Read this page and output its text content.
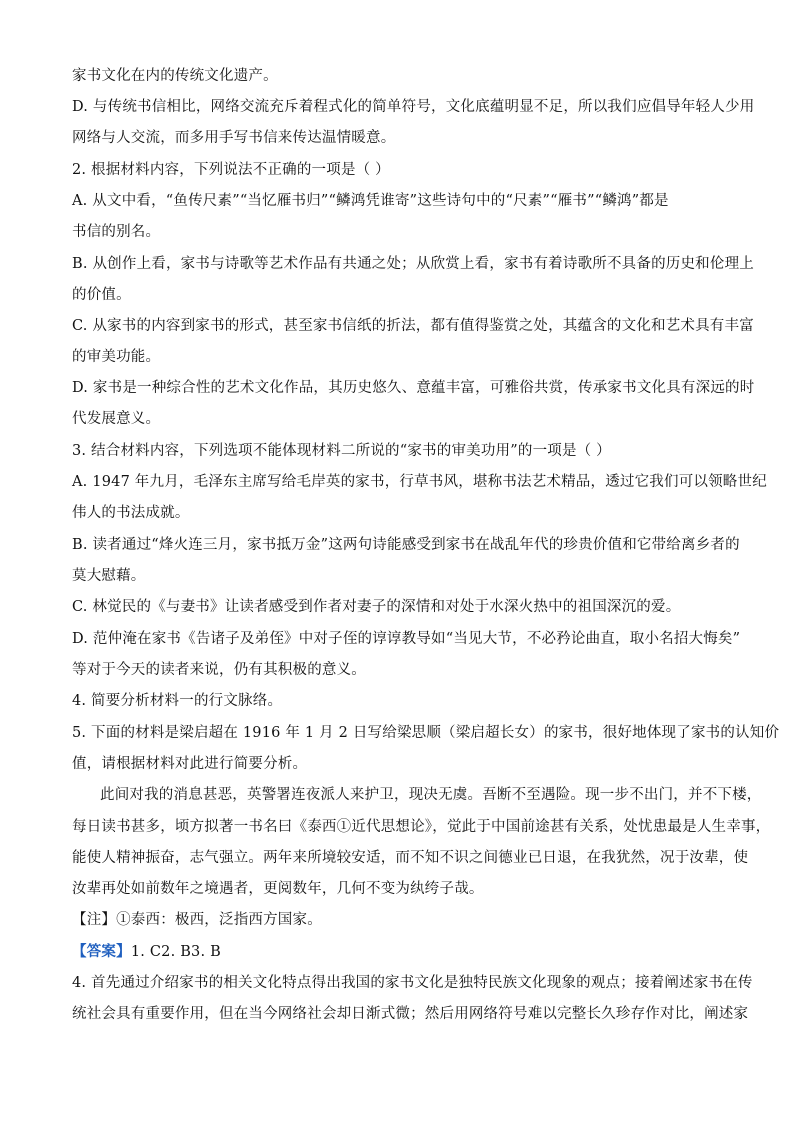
家书文化在内的传统文化遗产。
D. 与传统书信相比，网络交流充斥着程式化的简单符号，文化底蕴明显不足，所以我们应倡导年轻人少用
网络与人交流，而多用手写书信来传达温情暖意。
2. 根据材料内容，下列说法不正确的一项是（ ）
A. 从文中看，“鱼传尺素”“当忆雁书归”“鳞鸿凭谁寄”这些诗句中的“尺素”“雁书”“鳞鸿”都是
书信的别名。
B. 从创作上看，家书与诗歌等艺术作品有共通之处；从欣赏上看，家书有着诗歌所不具备的历史和伦理上
的价值。
C. 从家书的内容到家书的形式，甚至家书信纸的折法，都有值得鉴赏之处，其蕴含的文化和艺术具有丰富
的审美功能。
D. 家书是一种综合性的艺术文化作品，其历史悠久、意蕴丰富，可雅俗共赏，传承家书文化具有深远的时
代发展意义。
3. 结合材料内容，下列选项不能体现材料二所说的“家书的审美功用”的一项是（ ）
A. 1947 年九月，毛泽东主席写给毛岸英的家书，行草书风，堪称书法艺术精品，透过它我们可以领略世纪
伟人的书法成就。
B. 读者通过“烽火连三月，家书抵万金”这两句诗能感受到家书在战乱年代的珍贵价值和它带给离乡者的
莫大慰藉。
C. 林觉民的《与妻书》让读者感受到作者对妻子的深情和对处于水深火热中的祖国深沉的爱。
D. 范仲淹在家书《告诸子及弟侄》中对子侄的谆谆教导如“当见大节，不必矜论曲直，取小名招大悔矣”
等对于今天的读者来说，仍有其积极的意义。
4. 简要分析材料一的行文脉络。
5. 下面的材料是梁启超在 1916 年 1 月 2 日写给梁思顺（梁启超长女）的家书，很好地体现了家书的认知价
值，请根据材料对此进行简要分析。
此间对我的消息甚恶，英警署连夜派人来护卫，现决无虞。吾断不至遇险。现一步不出门，并不下楼，
每日读书甚多，顷方拟著一书名曰《泰西①近代思想论》，觉此于中国前途甚有关系，处忧患最是人生幸事，
能使人精神振奋，志气强立。两年来所境较安适，而不知不识之间德业已日退，在我犹然，况于汝辈，使
汝辈再处如前数年之境遇者，更阅数年，几何不变为纨绔子哉。
【注】①泰西：极西，泛指西方国家。
【答案】1. C2. B3. B
4. 首先通过介绍家书的相关文化特点得出我国的家书文化是独特民族文化现象的观点；接着阐述家书在传
统社会具有重要作用，但在当今网络社会却日渐式微；然后用网络符号难以完整长久珍存作对比，阐述家
